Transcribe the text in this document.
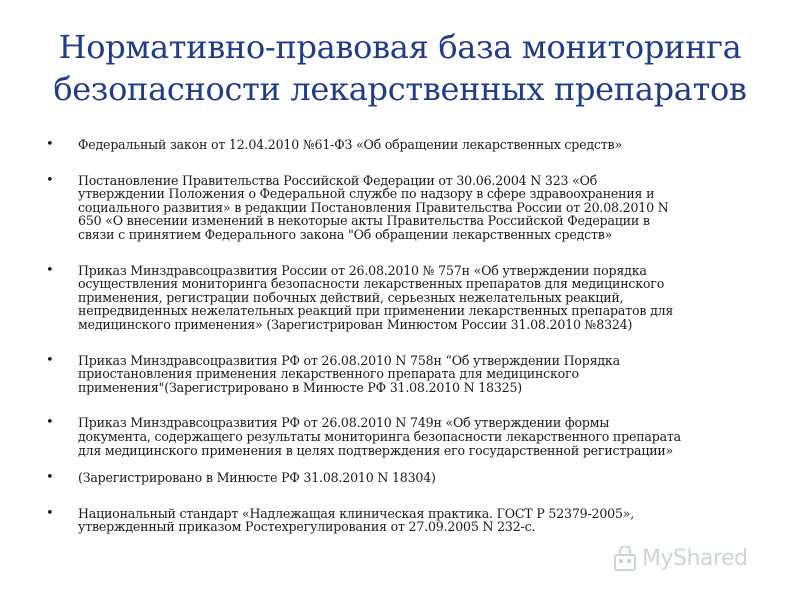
Нормативно-правовая база мониторинга
безопасности лекарственных препаратов
• Федеральный закон от 12.04.2010 №61-ФЗ «Об обращении лекарственных средств»
• Постановление Правительства Российской Федерации от 30.06.2004 N 323 «Об
утверждении Положения о Федеральной службе по надзору в сфере здравоохранения и
социального развития» в редакции Постановления Правительства России от 20.08.2010 N
650 «О внесении изменений в некоторые акты Правительства Российской Федерации в
связи с принятием Федерального закона "Об обращении лекарственных средств»
• Приказ Минздравсоцразвития России от 26.08.2010 № 757н «Об утверждении порядка
осуществления мониторинга безопасности лекарственных препаратов для медицинского
применения, регистрации побочных действий, серьезных нежелательных реакций,
непредвиденных нежелательных реакций при применении лекарственных препаратов для
медицинского применения» (Зарегистрирован Минюстом России 31.08.2010 №8324)
• Приказ Минздравсоцразвития РФ от 26.08.2010 N 758н “Об утверждении Порядка
приостановления применения лекарственного препарата для медицинского
применения"(Зарегистрировано в Минюсте РФ 31.08.2010 N 18325)
• Приказ Минздравсоцразвития РФ от 26.08.2010 N 749н «Об утверждении формы
документа, содержащего результаты мониторинга безопасности лекарственного препарата
для медицинского применения в целях подтверждения его государственной регистрации»
• (Зарегистрировано в Минюсте РФ 31.08.2010 N 18304)
• Национальный стандарт «Надлежащая клиническая практика. ГОСТ Р 52379-2005»,
утвержденный приказом Ростехрегулирования от 27.09.2005 N 232-с.
MyShared
